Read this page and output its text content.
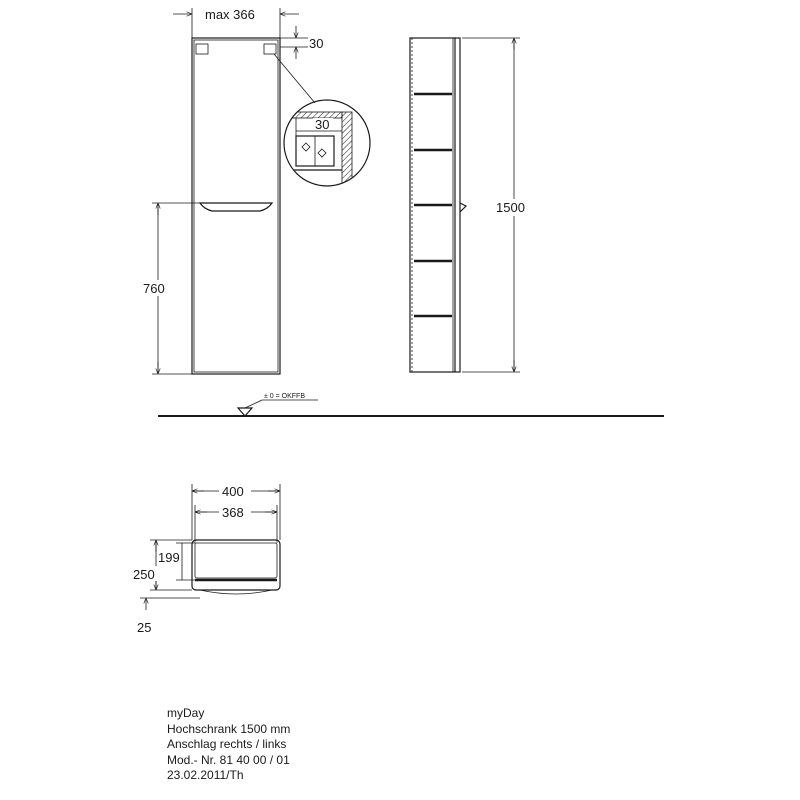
max 366
30
760
30
1500
± 0 = OKFFB
400
368
199
250
25
myDay
Hochschrank 1500 mm
Anschlag rechts / links
Mod.- Nr. 81 40 00 / 01
23.02.2011/Th
